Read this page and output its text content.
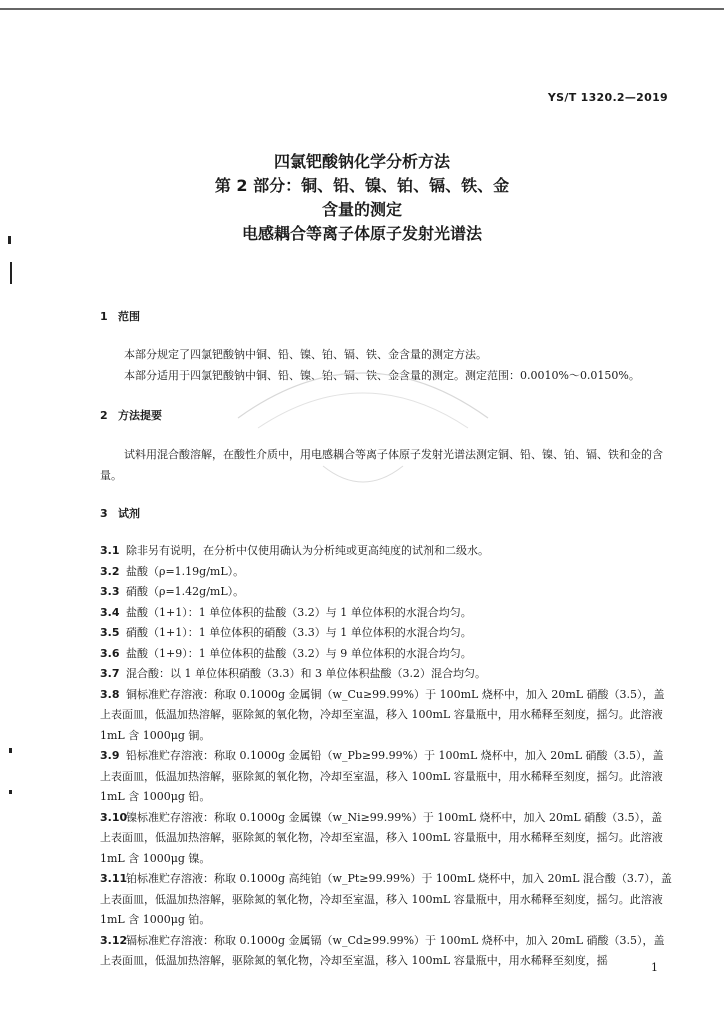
YS/T 1320.2—2019
四氯钯酸钠化学分析方法
第 2 部分：铜、铅、镍、铂、镉、铁、金
含量的测定
电感耦合等离子体原子发射光谱法
1 范围
本部分规定了四氯钯酸钠中铜、铅、镍、铂、镉、铁、金含量的测定方法。
本部分适用于四氯钯酸钠中铜、铅、镍、铂、镉、铁、金含量的测定。测定范围：0.0010%～0.0150%。
2 方法提要
试料用混合酸溶解，在酸性介质中，用电感耦合等离子体原子发射光谱法测定铜、铅、镍、铂、镉、铁和金的含量。
3 试剂
3.1 除非另有说明，在分析中仅使用确认为分析纯或更高纯度的试剂和二级水。
3.2 盐酸（ρ=1.19g/mL）。
3.3 硝酸（ρ=1.42g/mL）。
3.4 盐酸（1+1）：1 单位体积的盐酸（3.2）与 1 单位体积的水混合均匀。
3.5 硝酸（1+1）：1 单位体积的硝酸（3.3）与 1 单位体积的水混合均匀。
3.6 盐酸（1+9）：1 单位体积的盐酸（3.2）与 9 单位体积的水混合均匀。
3.7 混合酸：以 1 单位体积硝酸（3.3）和 3 单位体积盐酸（3.2）混合均匀。
3.8 铜标准贮存溶液：称取 0.1000g 金属铜（w_Cu≥99.99%）于 100mL 烧杯中，加入 20mL 硝酸（3.5），盖上表面皿，低温加热溶解，驱除氮的氧化物，冷却至室温，移入 100mL 容量瓶中，用水稀释至刻度，摇匀。此溶液 1mL 含 1000μg 铜。
3.9 铅标准贮存溶液：称取 0.1000g 金属铅（w_Pb≥99.99%）于 100mL 烧杯中，加入 20mL 硝酸（3.5），盖上表面皿，低温加热溶解，驱除氮的氧化物，冷却至室温，移入 100mL 容量瓶中，用水稀释至刻度，摇匀。此溶液 1mL 含 1000μg 铅。
3.10
镍标准贮存溶液：称取 0.1000g 金属镍（w_Ni≥99.99%）于 100mL 烧杯中，加入 20mL 硝酸（3.5），盖上表面皿，低温加热溶解，驱除氮的氧化物，冷却至室温，移入 100mL 容量瓶中，用水稀释至刻度，摇匀。此溶液 1mL 含 1000μg 镍。
3.11
铂标准贮存溶液：称取 0.1000g 高纯铂（w_Pt≥99.99%）于 100mL 烧杯中，加入 20mL 混合酸（3.7），盖上表面皿，低温加热溶解，驱除氮的氧化物，冷却至室温，移入 100mL 容量瓶中，用水稀释至刻度，摇匀。此溶液 1mL 含 1000μg 铂。
3.12
镉标准贮存溶液：称取 0.1000g 金属镉（w_Cd≥99.99%）于 100mL 烧杯中，加入 20mL 硝酸（3.5），盖上表面皿，低温加热溶解，驱除氮的氧化物，冷却至室温，移入 100mL 容量瓶中，用水稀释至刻度，摇
1
